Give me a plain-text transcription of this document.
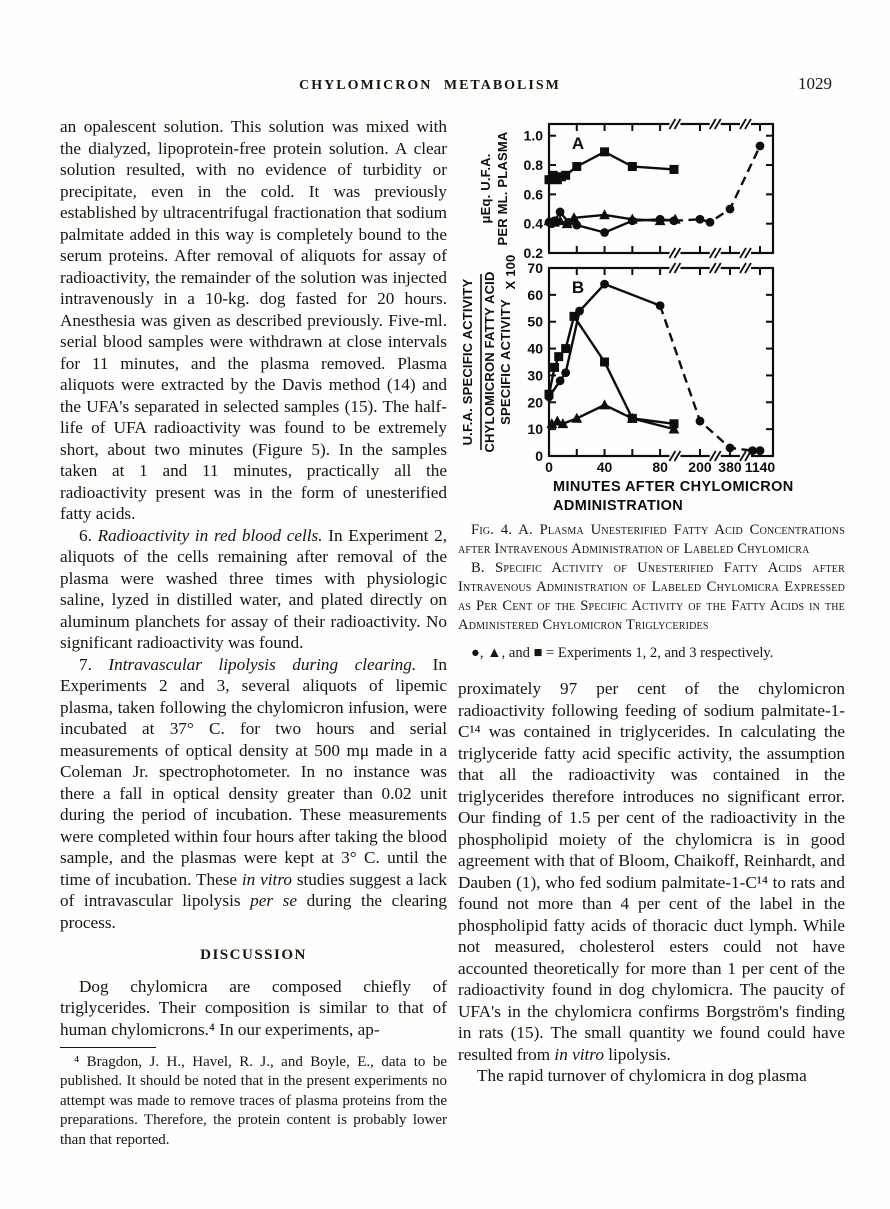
CHYLOMICRON METABOLISM	1029

an opalescent solution. This solution was mixed with the dialyzed, lipoprotein-free protein solution. A clear solution resulted, with no evidence of turbidity or precipitate, even in the cold. It was previously established by ultracentrifugal fractionation that sodium palmitate added in this way is completely bound to the serum proteins. After removal of aliquots for assay of radioactivity, the remainder of the solution was injected intravenously in a 10-kg. dog fasted for 20 hours. Anesthesia was given as described previously. Five-ml. serial blood samples were withdrawn at close intervals for 11 minutes, and the plasma removed. Plasma aliquots were extracted by the Davis method (14) and the UFA's separated in selected samples (15). The half-life of UFA radioactivity was found to be extremely short, about two minutes (Figure 5). In the samples taken at 1 and 11 minutes, practically all the radioactivity present was in the form of unesterified fatty acids.

6. Radioactivity in red blood cells. In Experiment 2, aliquots of the cells remaining after removal of the plasma were washed three times with physiologic saline, lyzed in distilled water, and plated directly on aluminum planchets for assay of their radioactivity. No significant radioactivity was found.

7. Intravascular lipolysis during clearing. In Experiments 2 and 3, several aliquots of lipemic plasma, taken following the chylomicron infusion, were incubated at 37° C. for two hours and serial measurements of optical density at 500 mμ made in a Coleman Jr. spectrophotometer. In no instance was there a fall in optical density greater than 0.02 unit during the period of incubation. These measurements were completed within four hours after taking the blood sample, and the plasmas were kept at 3° C. until the time of incubation. These in vitro studies suggest a lack of intravascular lipolysis per se during the clearing process.

DISCUSSION

Dog chylomicra are composed chiefly of triglycerides. Their composition is similar to that of human chylomicrons.⁴ In our experiments, ap-

⁴ Bragdon, J. H., Havel, R. J., and Boyle, E., data to be published. It should be noted that in the present experiments no attempt was made to remove traces of plasma proteins from the preparations. Therefore, the protein content is probably lower than that reported.

0.2
0.4
0.6
0.8
1.0 A
0
10
20
30
40
50
60
70
B
0	40	80 200 380 1140
MINUTES AFTER CHYLOMICRON
ADMINISTRATION
μEq. U.F.A. PER ML. PLASMA
U.F.A. SPECIFIC ACTIVITY CHYLOMICRON FATTY ACID SPECIFIC ACTIVITY
X 100

Fig. 4. A. Plasma Unesterified Fatty Acid Concentrations after Intravenous Administration of Labeled Chylomicra

B. Specific Activity of Unesterified Fatty Acids after Intravenous Administration of Labeled Chylomicra Expressed as Per Cent of the Specific Activity of the Fatty Acids in the Administered Chylomicron Triglycerides

●, ▲, and ■ = Experiments 1, 2, and 3 respectively.

proximately 97 per cent of the chylomicron radioactivity following feeding of sodium palmitate-1-C¹⁴ was contained in triglycerides. In calculating the triglyceride fatty acid specific activity, the assumption that all the radioactivity was contained in the triglycerides therefore introduces no significant error. Our finding of 1.5 per cent of the radioactivity in the phospholipid moiety of the chylomicra is in good agreement with that of Bloom, Chaikoff, Reinhardt, and Dauben (1), who fed sodium palmitate-1-C¹⁴ to rats and found not more than 4 per cent of the label in the phospholipid fatty acids of thoracic duct lymph. While not measured, cholesterol esters could not have accounted theoretically for more than 1 per cent of the radioactivity found in dog chylomicra. The paucity of UFA's in the chylomicra confirms Borgström's finding in rats (15). The small quantity we found could have resulted from in vitro lipolysis.

The rapid turnover of chylomicra in dog plasma
